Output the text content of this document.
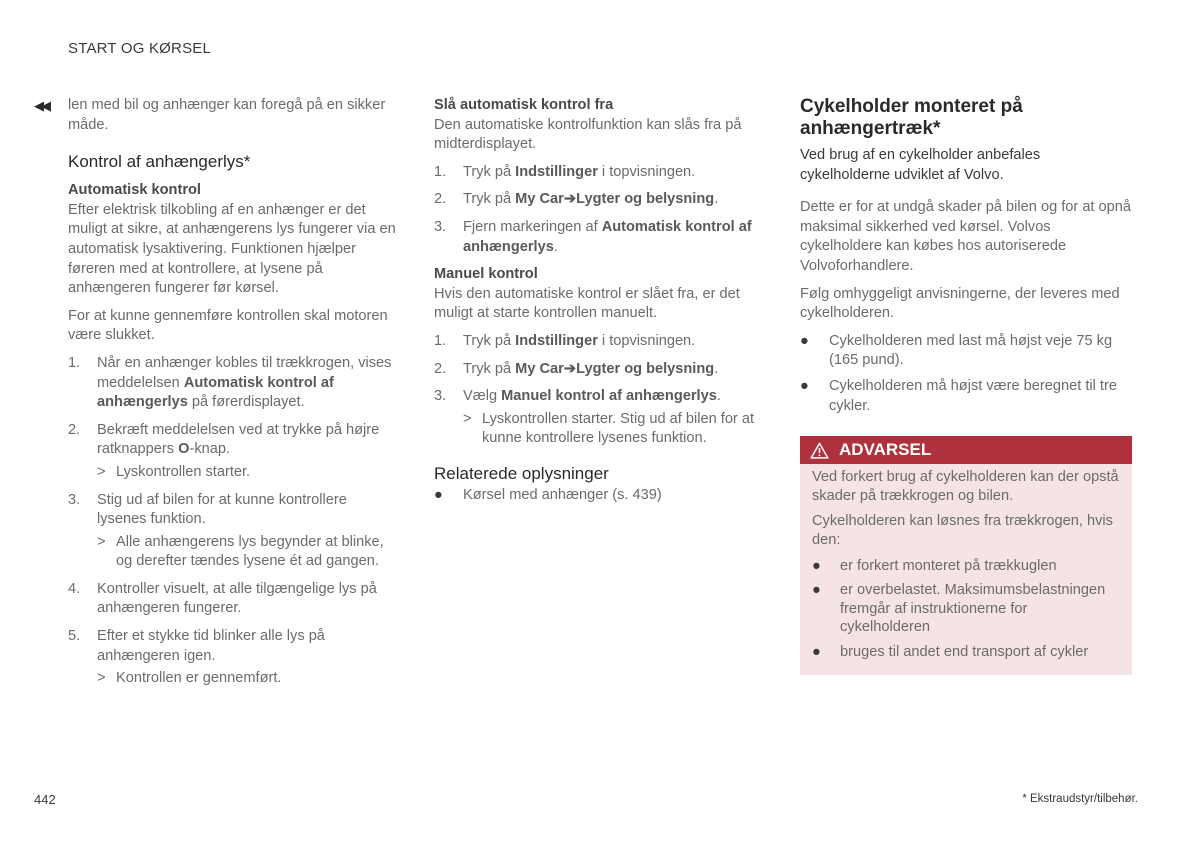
START OG KØRSEL
◀◀ len med bil og anhænger kan foregå på en sikker måde.

Kontrol af anhængerlys*
Automatisk kontrol

Efter elektrisk tilkobling af en anhænger er det muligt at sikre, at anhængerens lys fungerer via en automatisk lysaktivering. Funktionen hjælper føreren med at kontrollere, at lysene på anhængeren fungerer før kørsel.

For at kunne gennemføre kontrollen skal motoren være slukket.

1. Når en anhænger kobles til trækkrogen, vises meddelelsen Automatisk kontrol af anhængerlys på førerdisplayet.
2. Bekræft meddelelsen ved at trykke på højre ratknappers O-knap.
> Lyskontrollen starter.
3. Stig ud af bilen for at kunne kontrollere lysenes funktion.
> Alle anhængerens lys begynder at blinke, og derefter tændes lysene ét ad gangen.
4. Kontroller visuelt, at alle tilgængelige lys på anhængeren fungerer.
5. Efter et stykke tid blinker alle lys på anhængeren igen.
> Kontrollen er gennemført.
Slå automatisk kontrol fra

Den automatiske kontrolfunktion kan slås fra på midterdisplayet.

1. Tryk på Indstillinger i topvisningen.
2. Tryk på My Car➔Lygter og belysning.
3. Fjern markeringen af Automatisk kontrol af anhængerlys.
Manuel kontrol

Hvis den automatiske kontrol er slået fra, er det muligt at starte kontrollen manuelt.

1. Tryk på Indstillinger i topvisningen.
2. Tryk på My Car➔Lygter og belysning.
3. Vælg Manuel kontrol af anhængerlys.
> Lyskontrollen starter. Stig ud af bilen for at kunne kontrollere lysenes funktion.
Relaterede oplysninger
● Kørsel med anhænger (s. 439)
Cykelholder monteret på anhængertræk*

Ved brug af en cykelholder anbefales cykelholderne udviklet af Volvo.

Dette er for at undgå skader på bilen og for at opnå maksimal sikkerhed ved kørsel. Volvos cykelholdere kan købes hos autoriserede Volvoforhandlere.

Følg omhyggeligt anvisningerne, der leveres med cykelholderen.

● Cykelholderen med last må højst veje 75 kg (165 pund).
● Cykelholderen må højst være beregnet til tre cykler.
ADVARSEL

Ved forkert brug af cykelholderen kan der opstå skader på trækkrogen og bilen.

Cykelholderen kan løsnes fra trækkrogen, hvis den:

● er forkert monteret på trækkuglen
● er overbelastet. Maksimumsbelastningen fremgår af instruktionerne for cykelholderen
● bruges til andet end transport af cykler
442	* Ekstraudstyr/tilbehør.
